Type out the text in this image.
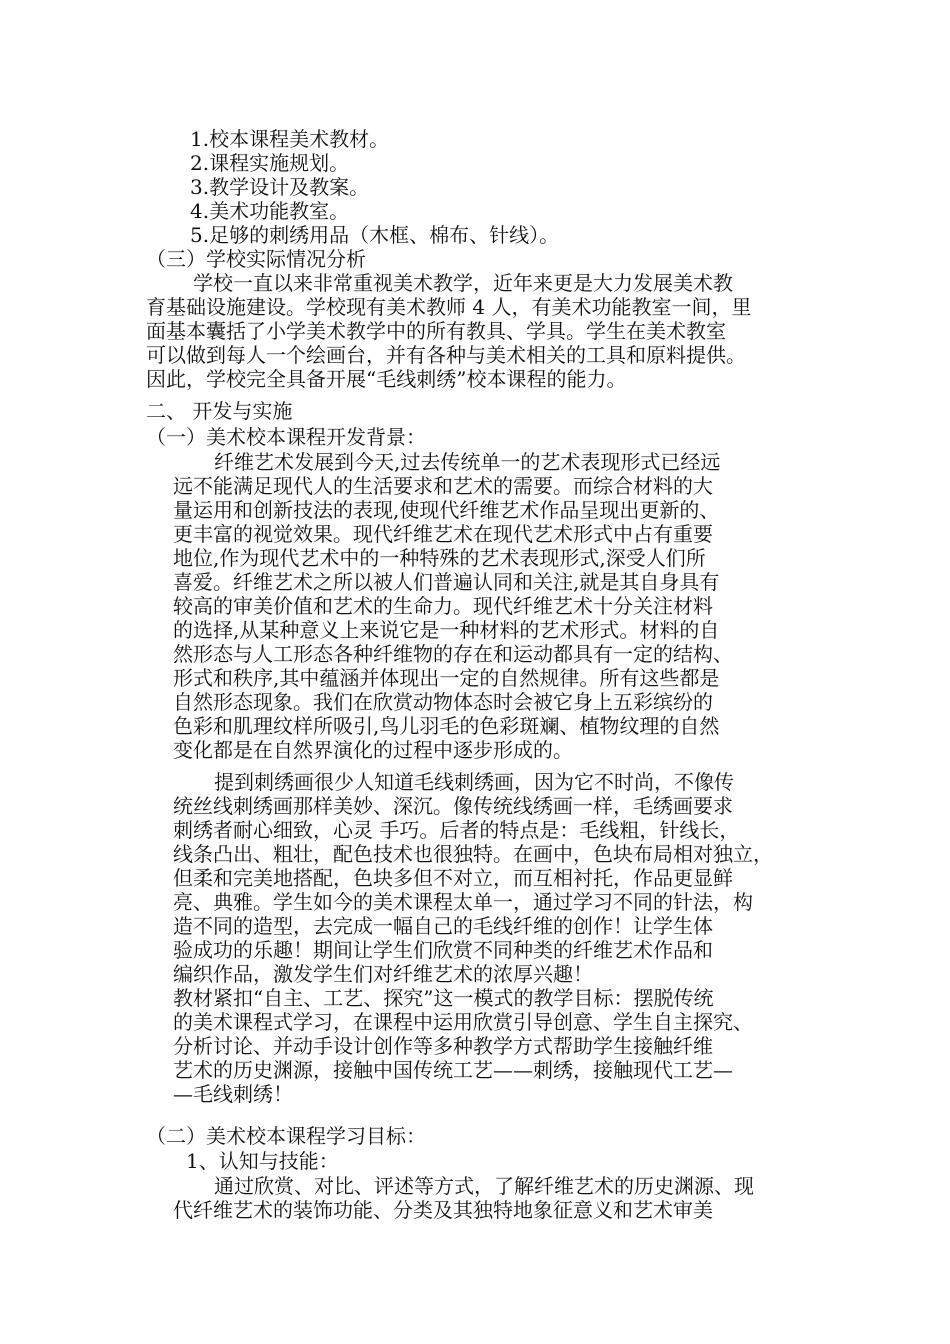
1.校本课程美术教材。
2.课程实施规划。
3.教学设计及教案。
4.美术功能教室。
5.足够的刺绣用品（木框、棉布、针线）。
（三）学校实际情况分析
学校一直以来非常重视美术教学，近年来更是大力发展美术教
育基础设施建设。学校现有美术教师 4 人，有美术功能教室一间，里
面基本囊括了小学美术教学中的所有教具、学具。学生在美术教室
可以做到每人一个绘画台，并有各种与美术相关的工具和原料提供。
因此，学校完全具备开展“毛线刺绣”校本课程的能力。
二、 开发与实施
（一）美术校本课程开发背景：
纤维艺术发展到今天,过去传统单一的艺术表现形式已经远
远不能满足现代人的生活要求和艺术的需要。而综合材料的大
量运用和创新技法的表现,使现代纤维艺术作品呈现出更新的、
更丰富的视觉效果。现代纤维艺术在现代艺术形式中占有重要
地位,作为现代艺术中的一种特殊的艺术表现形式,深受人们所
喜爱。纤维艺术之所以被人们普遍认同和关注,就是其自身具有
较高的审美价值和艺术的生命力。现代纤维艺术十分关注材料
的选择,从某种意义上来说它是一种材料的艺术形式。材料的自
然形态与人工形态各种纤维物的存在和运动都具有一定的结构、
形式和秩序,其中蕴涵并体现出一定的自然规律。所有这些都是
自然形态现象。我们在欣赏动物体态时会被它身上五彩缤纷的
色彩和肌理纹样所吸引,鸟儿羽毛的色彩斑斓、植物纹理的自然
变化都是在自然界演化的过程中逐步形成的。
提到刺绣画很少人知道毛线刺绣画，因为它不时尚，不像传
统丝线刺绣画那样美妙、深沉。像传统线绣画一样，毛绣画要求
刺绣者耐心细致，心灵 手巧。后者的特点是：毛线粗，针线长，
线条凸出、粗壮，配色技术也很独特。在画中，色块布局相对独立，
但柔和完美地搭配，色块多但不对立，而互相衬托，作品更显鲜
亮、典雅。学生如今的美术课程太单一，通过学习不同的针法，构
造不同的造型，去完成一幅自己的毛线纤维的创作！让学生体
验成功的乐趣！期间让学生们欣赏不同种类的纤维艺术作品和
编织作品，激发学生们对纤维艺术的浓厚兴趣！
教材紧扣“自主、工艺、探究”这一模式的教学目标：摆脱传统
的美术课程式学习，在课程中运用欣赏引导创意、学生自主探究、
分析讨论、并动手设计创作等多种教学方式帮助学生接触纤维
艺术的历史渊源，接触中国传统工艺——刺绣，接触现代工艺—
—毛线刺绣！
（二）美术校本课程学习目标：
1、认知与技能：
通过欣赏、对比、评述等方式，了解纤维艺术的历史渊源、现
代纤维艺术的装饰功能、分类及其独特地象征意义和艺术审美
